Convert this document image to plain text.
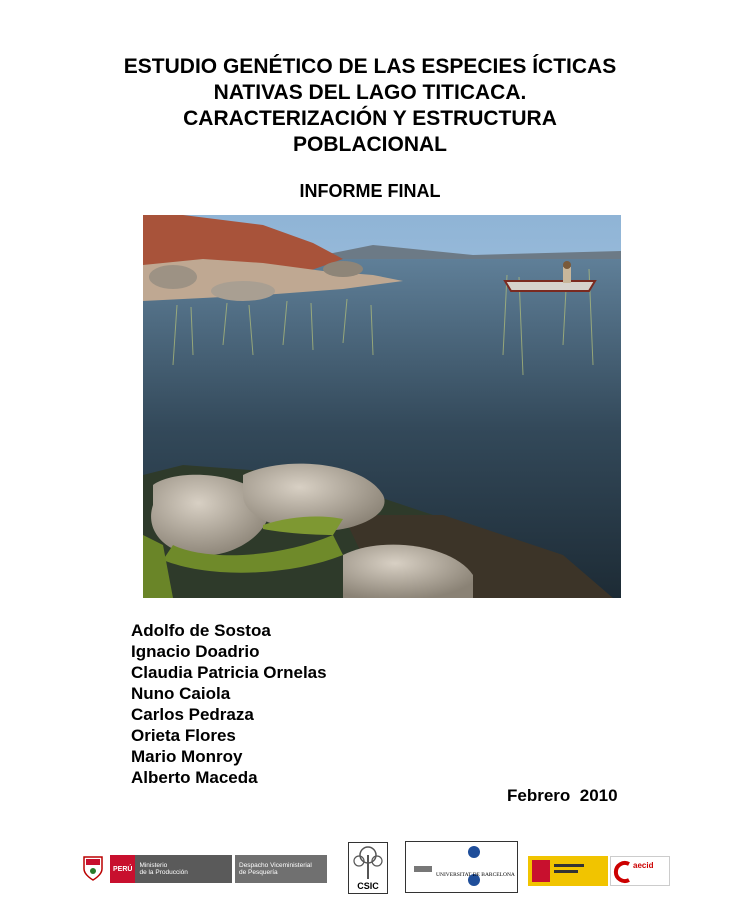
ESTUDIO GENÉTICO DE LAS ESPECIES ÍCTICAS
NATIVAS DEL LAGO TITICACA.
CARACTERIZACIÓN Y ESTRUCTURA
POBLACIONAL
INFORME FINAL
Adolfo de Sostoa
Ignacio Doadrio
Claudia Patricia Ornelas
Nuno Caiola
Carlos Pedraza
Orieta Flores
Mario Monroy
Alberto Maceda
Febrero  2010
PERÚ	Ministerio
de la Producción
Despacho Viceministerial
de Pesquería
CSIC
UNIVERSITAT DE BARCELONA
aecid
